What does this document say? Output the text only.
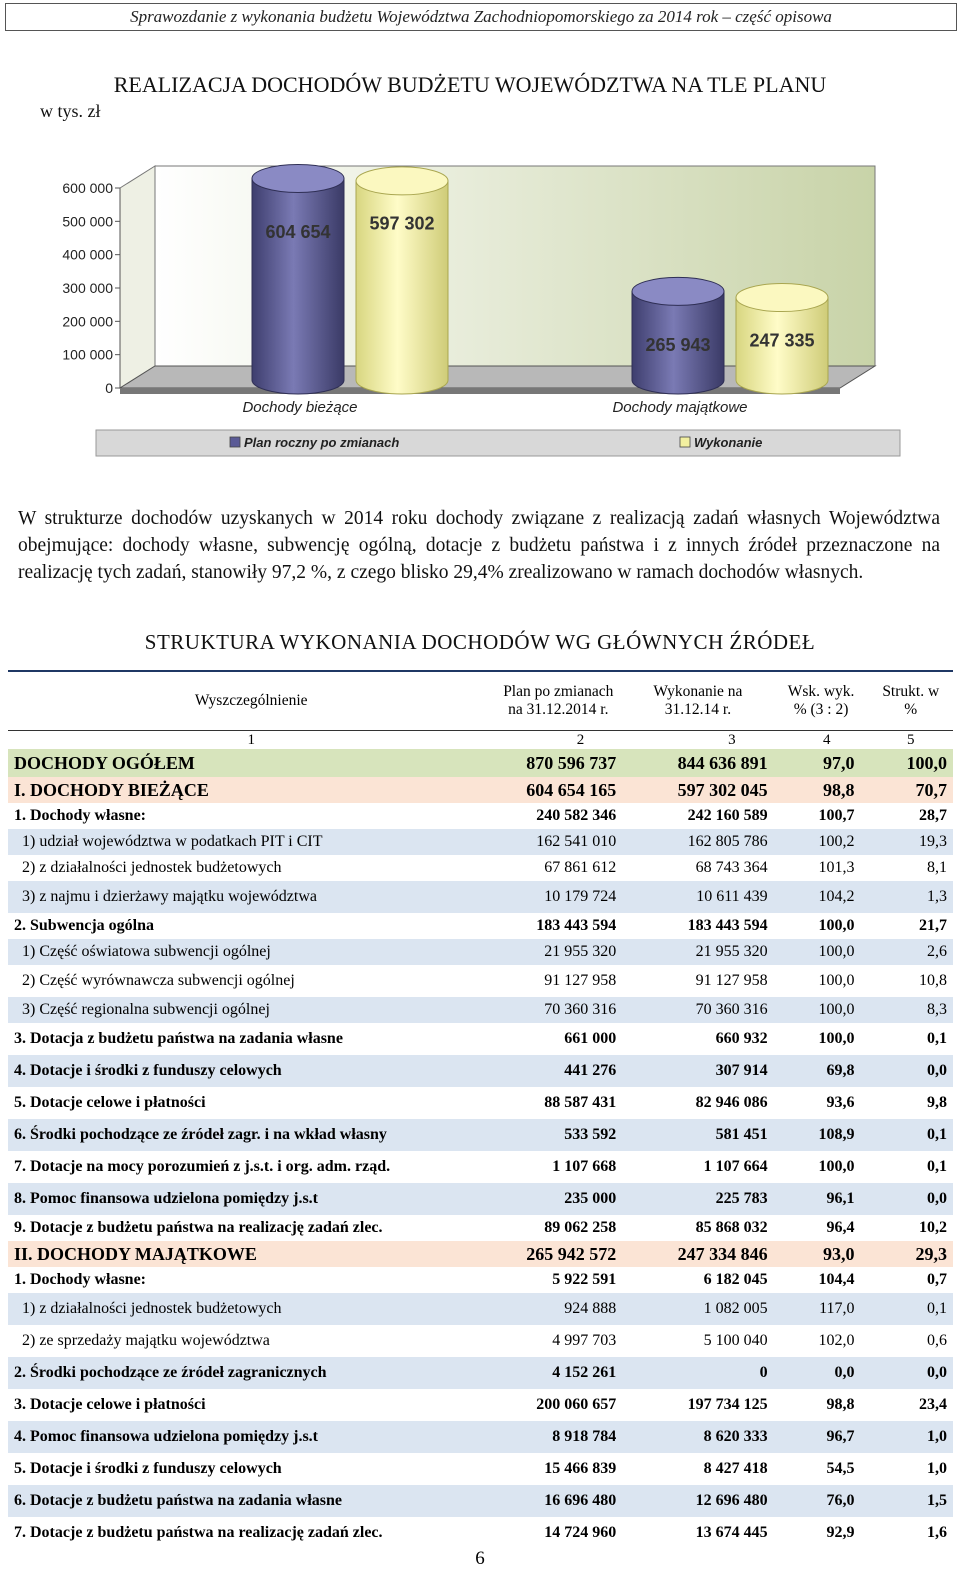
Sprawozdanie z wykonania budżetu Województwa Zachodniopomorskiego za 2014 rok – część opisowa
REALIZACJA DOCHODÓW BUDŻETU WOJEWÓDZTWA NA TLE PLANU
w tys. zł
0
100 000
200 000
300 000
400 000
500 000
600 000
604 654 597 302
Dochody bieżące
265 943 247 335
Dochody majątkowe
Plan roczny po zmianach	Wykonanie
W strukturze dochodów uzyskanych w 2014 roku dochody związane z realizacją zadań własnych Województwa obejmujące: dochody własne, subwencję ogólną, dotacje z budżetu państwa i z innych źródeł przeznaczone na realizację tych zadań, stanowiły 97,2 %, z czego blisko 29,4% zrealizowano w ramach dochodów własnych.
STRUKTURA WYKONANIA DOCHODÓW WG GŁÓWNYCH ŹRÓDEŁ
Wyszczególnienie	Plan po zmianach na 31.12.2014 r.	Wykonanie na 31.12.14 r.	Wsk. wyk. % (3 : 2)	Strukt. w %
1	2	3	4	5
DOCHODY OGÓŁEM	870 596 737	844 636 891	97,0	100,0
I. DOCHODY BIEŻĄCE	604 654 165	597 302 045	98,8	70,7
1. Dochody własne:	240 582 346	242 160 589	100,7	28,7
1) udział województwa w podatkach PIT i CIT	162 541 010	162 805 786	100,2	19,3
2) z działalności jednostek budżetowych	67 861 612	68 743 364	101,3	8,1
3) z najmu i dzierżawy majątku województwa	10 179 724	10 611 439	104,2	1,3
2. Subwencja ogólna	183 443 594	183 443 594	100,0	21,7
1) Część oświatowa subwencji ogólnej	21 955 320	21 955 320	100,0	2,6
2) Część wyrównawcza subwencji ogólnej	91 127 958	91 127 958	100,0	10,8
3) Część regionalna subwencji ogólnej	70 360 316	70 360 316	100,0	8,3
3. Dotacja z budżetu państwa na zadania własne	661 000	660 932	100,0	0,1
4. Dotacje i środki z funduszy celowych	441 276	307 914	69,8	0,0
5. Dotacje celowe i płatności	88 587 431	82 946 086	93,6	9,8
6. Środki pochodzące ze źródeł zagr. i na wkład własny	533 592	581 451	108,9	0,1
7. Dotacje na mocy porozumień z j.s.t. i org. adm. rząd.	1 107 668	1 107 664	100,0	0,1
8. Pomoc finansowa udzielona pomiędzy j.s.t	235 000	225 783	96,1	0,0
9. Dotacje z budżetu państwa na realizację zadań zlec.	89 062 258	85 868 032	96,4	10,2
II. DOCHODY MAJĄTKOWE	265 942 572	247 334 846	93,0	29,3
1. Dochody własne:	5 922 591	6 182 045	104,4	0,7
1) z działalności jednostek budżetowych	924 888	1 082 005	117,0	0,1
2) ze sprzedaży majątku województwa	4 997 703	5 100 040	102,0	0,6
2. Środki pochodzące ze źródeł zagranicznych	4 152 261	0	0,0	0,0
3. Dotacje celowe i płatności	200 060 657	197 734 125	98,8	23,4
4. Pomoc finansowa udzielona pomiędzy j.s.t	8 918 784	8 620 333	96,7	1,0
5. Dotacje i środki z funduszy celowych	15 466 839	8 427 418	54,5	1,0
6. Dotacje z budżetu państwa na zadania własne	16 696 480	12 696 480	76,0	1,5
7. Dotacje z budżetu państwa na realizację zadań zlec.	14 724 960	13 674 445	92,9	1,6
6
